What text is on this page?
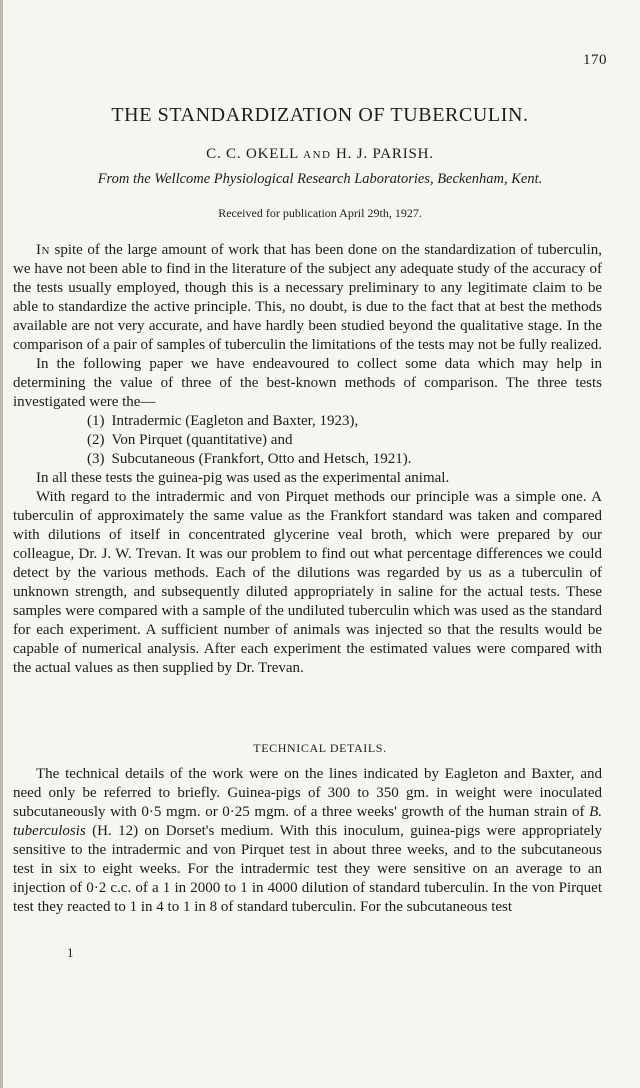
170
THE STANDARDIZATION OF TUBERCULIN.
C. C. OKELL AND H. J. PARISH.
From the Wellcome Physiological Research Laboratories, Beckenham, Kent.
Received for publication April 29th, 1927.

In spite of the large amount of work that has been done on the standardization of tuberculin, we have not been able to find in the literature of the subject any adequate study of the accuracy of the tests usually employed, though this is a necessary preliminary to any legitimate claim to be able to standardize the active principle. This, no doubt, is due to the fact that at best the methods available are not very accurate, and have hardly been studied beyond the qualitative stage. In the comparison of a pair of samples of tuberculin the limitations of the tests may not be fully realized.

In the following paper we have endeavoured to collect some data which may help in determining the value of three of the best-known methods of comparison. The three tests investigated were the—

(1) Intradermic (Eagleton and Baxter, 1923),
(2) Von Pirquet (quantitative) and
(3) Subcutaneous (Frankfort, Otto and Hetsch, 1921).

In all these tests the guinea-pig was used as the experimental animal.

With regard to the intradermic and von Pirquet methods our principle was a simple one. A tuberculin of approximately the same value as the Frankfort standard was taken and compared with dilutions of itself in concentrated glycerine veal broth, which were prepared by our colleague, Dr. J. W. Trevan. It was our problem to find out what percentage differences we could detect by the various methods. Each of the dilutions was regarded by us as a tuberculin of unknown strength, and subsequently diluted appropriately in saline for the actual tests. These samples were compared with a sample of the undiluted tuberculin which was used as the standard for each experiment. A sufficient number of animals was injected so that the results would be capable of numerical analysis. After each experiment the estimated values were compared with the actual values as then supplied by Dr. Trevan.

TECHNICAL DETAILS.

The technical details of the work were on the lines indicated by Eagleton and Baxter, and need only be referred to briefly. Guinea-pigs of 300 to 350 gm. in weight were inoculated subcutaneously with 0·5 mgm. or 0·25 mgm. of a three weeks' growth of the human strain of B. tuberculosis (H. 12) on Dorset's medium. With this inoculum, guinea-pigs were appropriately sensitive to the intradermic and von Pirquet test in about three weeks, and to the subcutaneous test in six to eight weeks. For the intradermic test they were sensitive on an average to an injection of 0·2 c.c. of a 1 in 2000 to 1 in 4000 dilution of standard tuberculin. In the von Pirquet test they reacted to 1 in 4 to 1 in 8 of standard tuberculin. For the subcutaneous test

1
